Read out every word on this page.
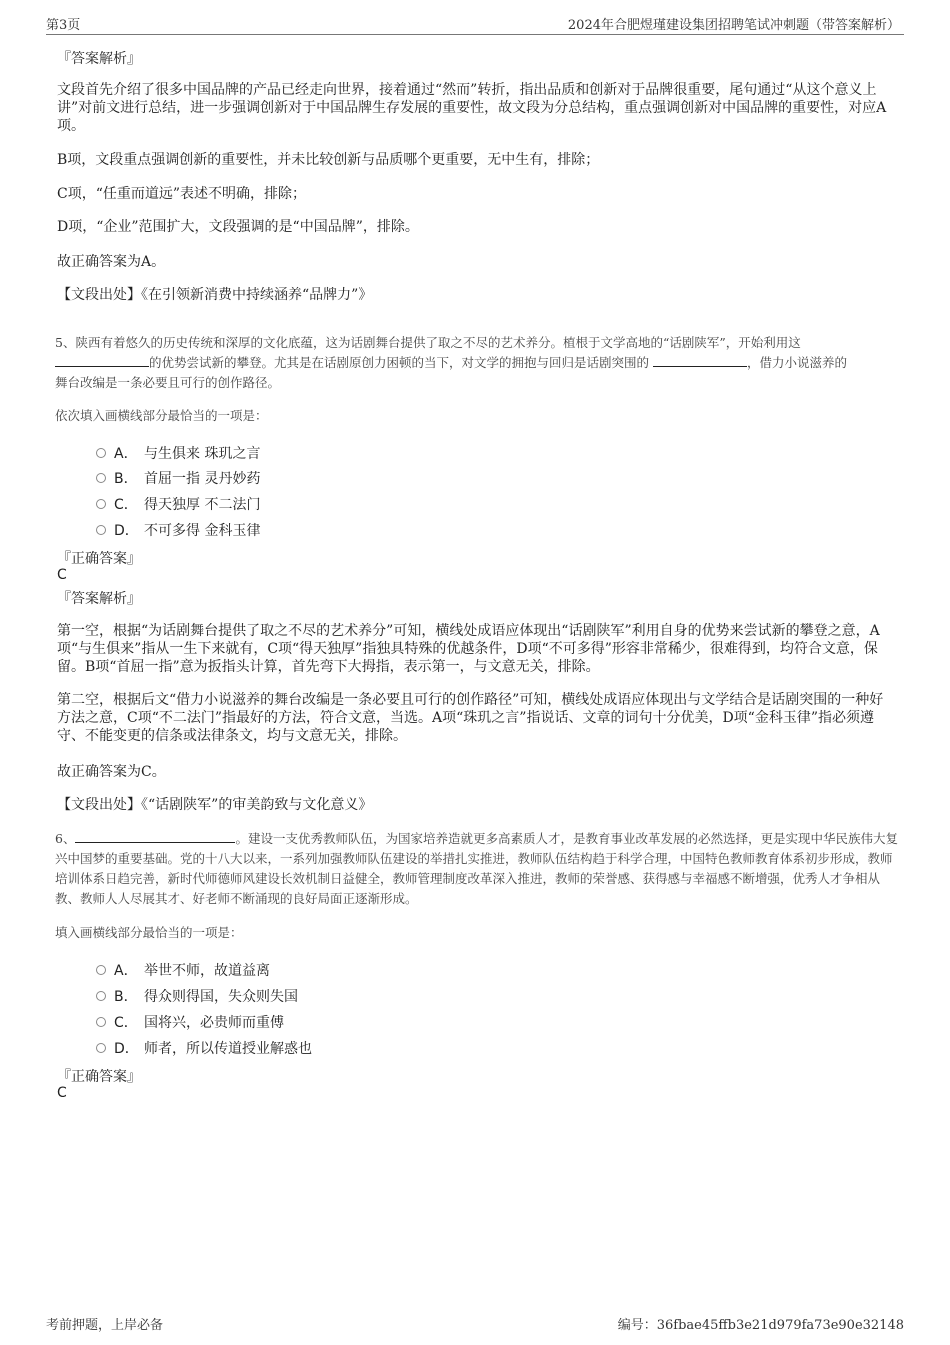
第3页	2024年合肥煜瑾建设集团招聘笔试冲刺题（带答案解析）
『答案解析』
文段首先介绍了很多中国品牌的产品已经走向世界，接着通过“然而”转折，指出品质和创新对于品牌很重要，尾句通过“从这个意义上讲”对前文进行总结，进一步强调创新对于中国品牌生存发展的重要性，故文段为分总结构，重点强调创新对中国品牌的重要性，对应A项。
B项，文段重点强调创新的重要性，并未比较创新与品质哪个更重要，无中生有，排除；
C项，“任重而道远”表述不明确，排除；
D项，“企业”范围扩大，文段强调的是“中国品牌”，排除。
故正确答案为A。
【文段出处】《在引领新消费中持续涵养“品牌力”》
5、陕西有着悠久的历史传统和深厚的文化底蕴，这为话剧舞台提供了取之不尽的艺术养分。植根于文学高地的“话剧陕军”，开始利用这
的优势尝试新的攀登。尤其是在话剧原创力困顿的当下，对文学的拥抱与回归是话剧突围的	，借力小说滋养的
舞台改编是一条必要且可行的创作路径。
依次填入画横线部分最恰当的一项是：
A． 与生俱来 珠玑之言
B． 首屈一指 灵丹妙药
C． 得天独厚 不二法门
D． 不可多得 金科玉律
『正确答案』
C
『答案解析』
第一空，根据“为话剧舞台提供了取之不尽的艺术养分”可知，横线处成语应体现出“话剧陕军”利用自身的优势来尝试新的攀登之意，A项“与生俱来”指从一生下来就有，C项“得天独厚”指独具特殊的优越条件，D项“不可多得”形容非常稀少，很难得到，均符合文意，保留。B项“首屈一指”意为扳指头计算，首先弯下大拇指，表示第一，与文意无关，排除。
第二空，根据后文“借力小说滋养的舞台改编是一条必要且可行的创作路径”可知，横线处成语应体现出与文学结合是话剧突围的一种好方法之意，C项“不二法门”指最好的方法，符合文意，当选。A项“珠玑之言”指说话、文章的词句十分优美，D项“金科玉律”指必须遵守、不能变更的信条或法律条文，均与文意无关，排除。
故正确答案为C。
【文段出处】《“话剧陕军”的审美韵致与文化意义》
6、	。建设一支优秀教师队伍，为国家培养造就更多高素质人才，是教育事业改革发展的必然选择，更是实现中华民族伟大复兴中国梦的重要基础。党的十八大以来，一系列加强教师队伍建设的举措扎实推进，教师队伍结构趋于科学合理，中国特色教师教育体系初步形成，教师培训体系日趋完善，新时代师德师风建设长效机制日益健全，教师管理制度改革深入推进，教师的荣誉感、获得感与幸福感不断增强，优秀人才争相从教、教师人人尽展其才、好老师不断涌现的良好局面正逐渐形成。
填入画横线部分最恰当的一项是：
A． 举世不师，故道益离
B． 得众则得国，失众则失国
C． 国将兴，必贵师而重傅
D． 师者，所以传道授业解惑也
『正确答案』
C
考前押题，上岸必备	编号：36fbae45ffb3e21d979fa73e90e32148
